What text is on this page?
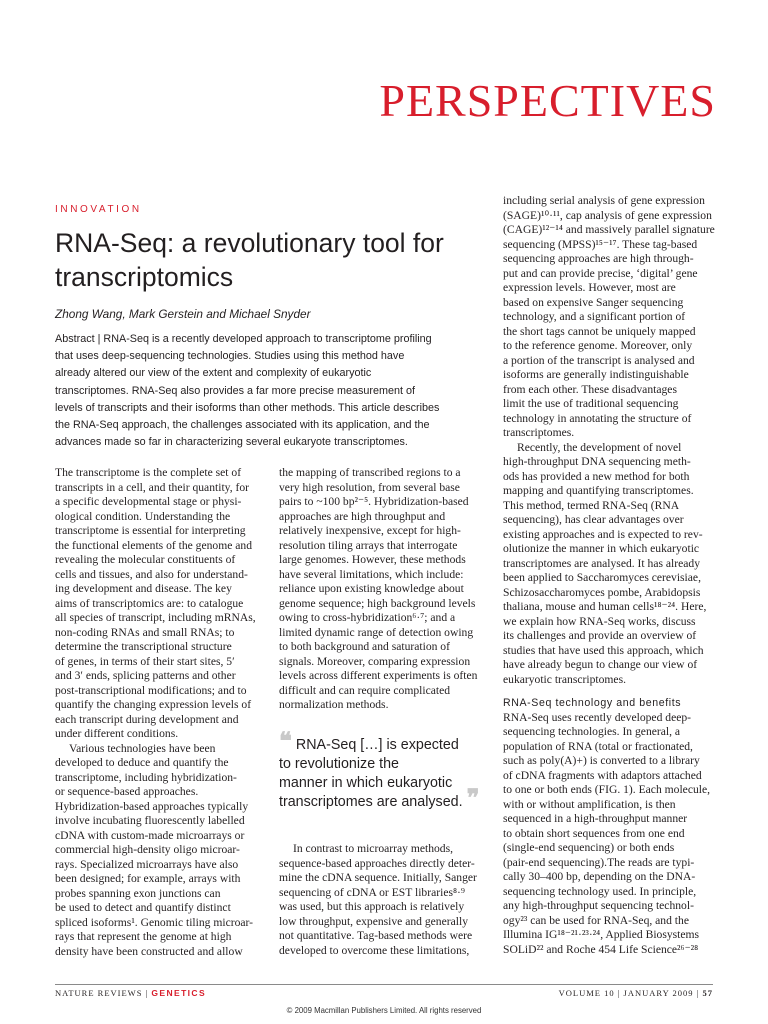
PERSPECTIVES
INNOVATION
RNA-Seq: a revolutionary tool for transcriptomics
Zhong Wang, Mark Gerstein and Michael Snyder
Abstract | RNA-Seq is a recently developed approach to transcriptome profiling
that uses deep-sequencing technologies. Studies using this method have
already altered our view of the extent and complexity of eukaryotic
transcriptomes. RNA-Seq also provides a far more precise measurement of
levels of transcripts and their isoforms than other methods. This article describes
the RNA-Seq approach, the challenges associated with its application, and the
advances made so far in characterizing several eukaryote transcriptomes.
The transcriptome is the complete set of
transcripts in a cell, and their quantity, for
a specific developmental stage or physi-
ological condition. Understanding the
transcriptome is essential for interpreting
the functional elements of the genome and
revealing the molecular constituents of
cells and tissues, and also for understand-
ing development and disease. The key
aims of transcriptomics are: to catalogue
all species of transcript, including mRNAs,
non-coding RNAs and small RNAs; to
determine the transcriptional structure
of genes, in terms of their start sites, 5′
and 3′ ends, splicing patterns and other
post-transcriptional modifications; and to
quantify the changing expression levels of
each transcript during development and
under different conditions.
Various technologies have been
developed to deduce and quantify the
transcriptome, including hybridization-
or sequence-based approaches.
Hybridization-based approaches typically
involve incubating fluorescently labelled
cDNA with custom-made microarrays or
commercial high-density oligo microar-
rays. Specialized microarrays have also
been designed; for example, arrays with
probes spanning exon junctions can
be used to detect and quantify distinct
spliced isoforms¹. Genomic tiling microar-
rays that represent the genome at high
density have been constructed and allow
the mapping of transcribed regions to a
very high resolution, from several base
pairs to ~100 bp²⁻⁵. Hybridization-based
approaches are high throughput and
relatively inexpensive, except for high-
resolution tiling arrays that interrogate
large genomes. However, these methods
have several limitations, which include:
reliance upon existing knowledge about
genome sequence; high background levels
owing to cross-hybridization⁶·⁷; and a
limited dynamic range of detection owing
to both background and saturation of
signals. Moreover, comparing expression
levels across different experiments is often
difficult and can require complicated
normalization methods.
❝ RNA-Seq […] is expected
to revolutionize the
manner in which eukaryotic
transcriptomes are analysed. ❞
In contrast to microarray methods,
sequence-based approaches directly deter-
mine the cDNA sequence. Initially, Sanger
sequencing of cDNA or EST libraries⁸·⁹
was used, but this approach is relatively
low throughput, expensive and generally
not quantitative. Tag-based methods were
developed to overcome these limitations,
including serial analysis of gene expression
(SAGE)¹⁰·¹¹, cap analysis of gene expression
(CAGE)¹²⁻¹⁴ and massively parallel signature
sequencing (MPSS)¹⁵⁻¹⁷. These tag-based
sequencing approaches are high through-
put and can provide precise, ‘digital’ gene
expression levels. However, most are
based on expensive Sanger sequencing
technology, and a significant portion of
the short tags cannot be uniquely mapped
to the reference genome. Moreover, only
a portion of the transcript is analysed and
isoforms are generally indistinguishable
from each other. These disadvantages
limit the use of traditional sequencing
technology in annotating the structure of
transcriptomes.
Recently, the development of novel
high-throughput DNA sequencing meth-
ods has provided a new method for both
mapping and quantifying transcriptomes.
This method, termed RNA-Seq (RNA
sequencing), has clear advantages over
existing approaches and is expected to rev-
olutionize the manner in which eukaryotic
transcriptomes are analysed. It has already
been applied to Saccharomyces cerevisiae,
Schizosaccharomyces pombe, Arabidopsis
thaliana, mouse and human cells¹⁸⁻²⁴. Here,
we explain how RNA-Seq works, discuss
its challenges and provide an overview of
studies that have used this approach, which
have already begun to change our view of
eukaryotic transcriptomes.
RNA-Seq technology and benefits
RNA-Seq uses recently developed deep-
sequencing technologies. In general, a
population of RNA (total or fractionated,
such as poly(A)+) is converted to a library
of cDNA fragments with adaptors attached
to one or both ends (FIG. 1). Each molecule,
with or without amplification, is then
sequenced in a high-throughput manner
to obtain short sequences from one end
(single-end sequencing) or both ends
(pair-end sequencing).The reads are typi-
cally 30–400 bp, depending on the DNA-
sequencing technology used. In principle,
any high-throughput sequencing technol-
ogy²³ can be used for RNA-Seq, and the
Illumina IG¹⁸⁻²¹·²³·²⁴, Applied Biosystems
SOLiD²² and Roche 454 Life Science²⁶⁻²⁸
NATURE REVIEWS | GENETICS	VOLUME 10 | JANUARY 2009 | 57
© 2009 Macmillan Publishers Limited. All rights reserved
